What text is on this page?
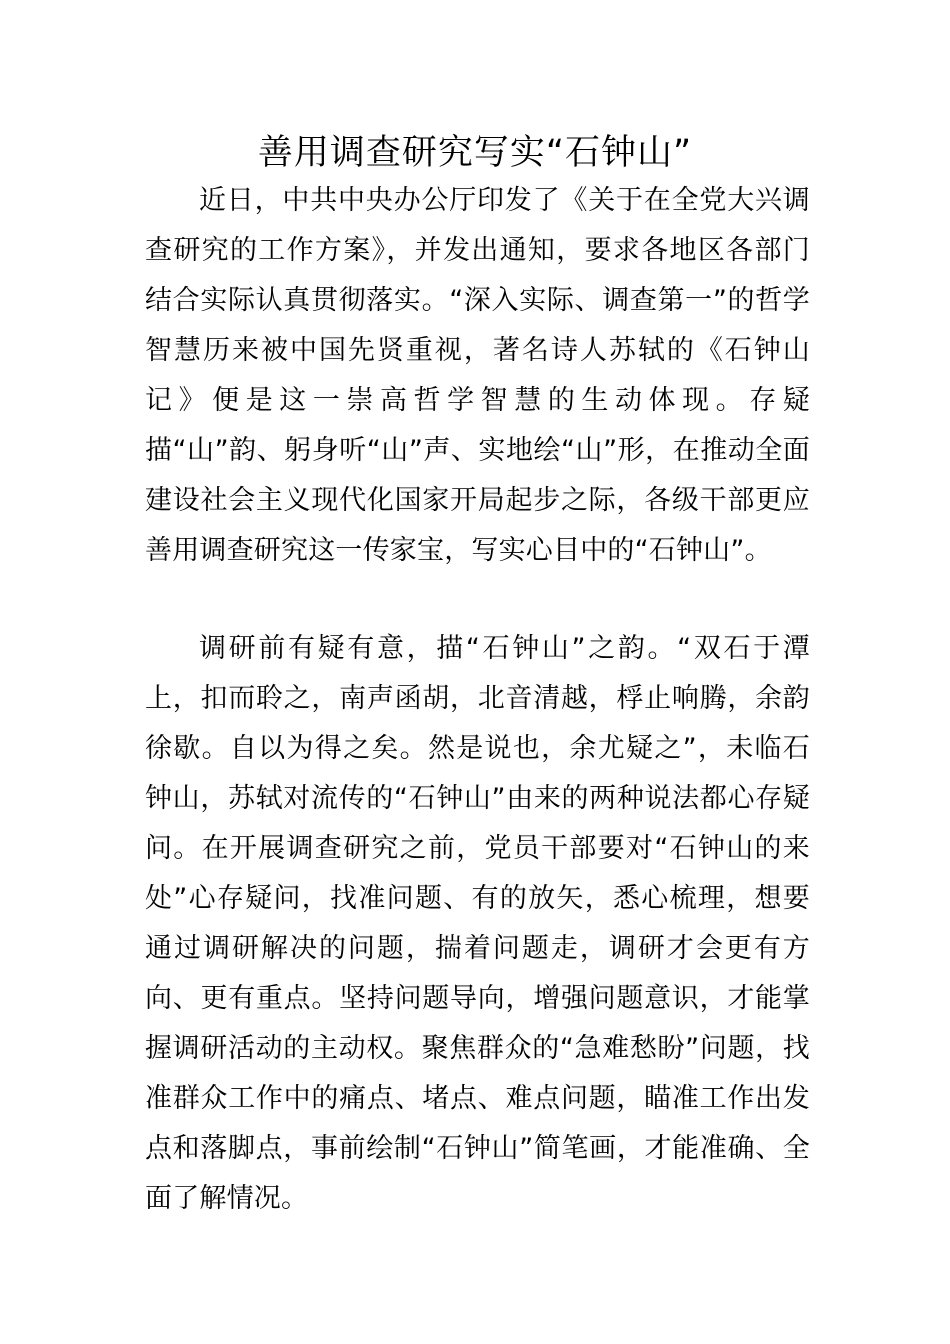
善用调查研究写实“石钟山”

近日，中共中央办公厅印发了《关于在全党大兴调查研究的工作方案》，并发出通知，要求各地区各部门结合实际认真贯彻落实。“深入实际、调查第一”的哲学智慧历来被中国先贤重视，著名诗人苏轼的《石钟山记》便是这一崇高哲学智慧的生动体现。存疑描“山”韵、躬身听“山”声、实地绘“山”形，在推动全面建设社会主义现代化国家开局起步之际，各级干部更应善用调查研究这一传家宝，写实心目中的“石钟山”。

调研前有疑有意，描“石钟山”之韵。“双石于潭上，扣而聆之，南声函胡，北音清越，桴止响腾，余韵徐歇。自以为得之矣。然是说也，余尤疑之”，未临石钟山，苏轼对流传的“石钟山”由来的两种说法都心存疑问。在开展调查研究之前，党员干部要对“石钟山的来处”心存疑问，找准问题、有的放矢，悉心梳理，想要通过调研解决的问题，揣着问题走，调研才会更有方向、更有重点。坚持问题导向，增强问题意识，才能掌握调研活动的主动权。聚焦群众的“急难愁盼”问题，找准群众工作中的痛点、堵点、难点问题，瞄准工作出发点和落脚点，事前绘制“石钟山”简笔画，才能准确、全面了解情况。
